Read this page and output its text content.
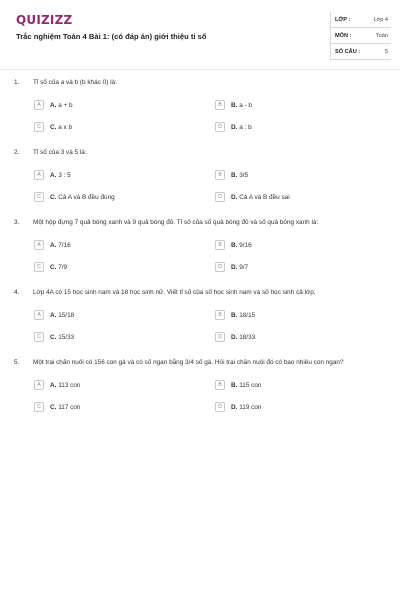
QUIZIZZ
Trắc nghiệm Toán 4 Bài 1: (có đáp án) giới thiệu tỉ số
LỚP :	Lớp 4
MÔN :	Toán
SỐ CÂU :	5
1. Tỉ số của a và b (b khác 0) là:
A	A. a + b	B	B. a - b
C	C. a x b	D	D. a : b
2. Tỉ số của 3 và 5 là:
A	A. 3 : 5	B	B. 3/5
C	C. Cả A và B đều đúng	D	D. Cả A và B đều sai
3. Một hộp đựng 7 quả bóng xanh và 9 quả bóng đỏ. Tỉ số của số quả bóng đỏ và số quả bóng xanh là:
A	A. 7/16	B	B. 9/16
C	C. 7/9	D	D. 9/7
4. Lớp 4A có 15 học sinh nam và 18 học sinh nữ. Viết tỉ số của số học sinh nam và số học sinh cả lớp.
A	A. 15/18	B	B. 18/15
C	C. 15/33	D	D. 18/33
5. Một trại chăn nuôi có 156 con gà và có số ngan bằng 3/4 số gà. Hỏi trại chăn nuôi đó có bao nhiêu con ngan?
A	A. 113 con	B	B. 115 con
C	C. 117 con	D	D. 119 con
